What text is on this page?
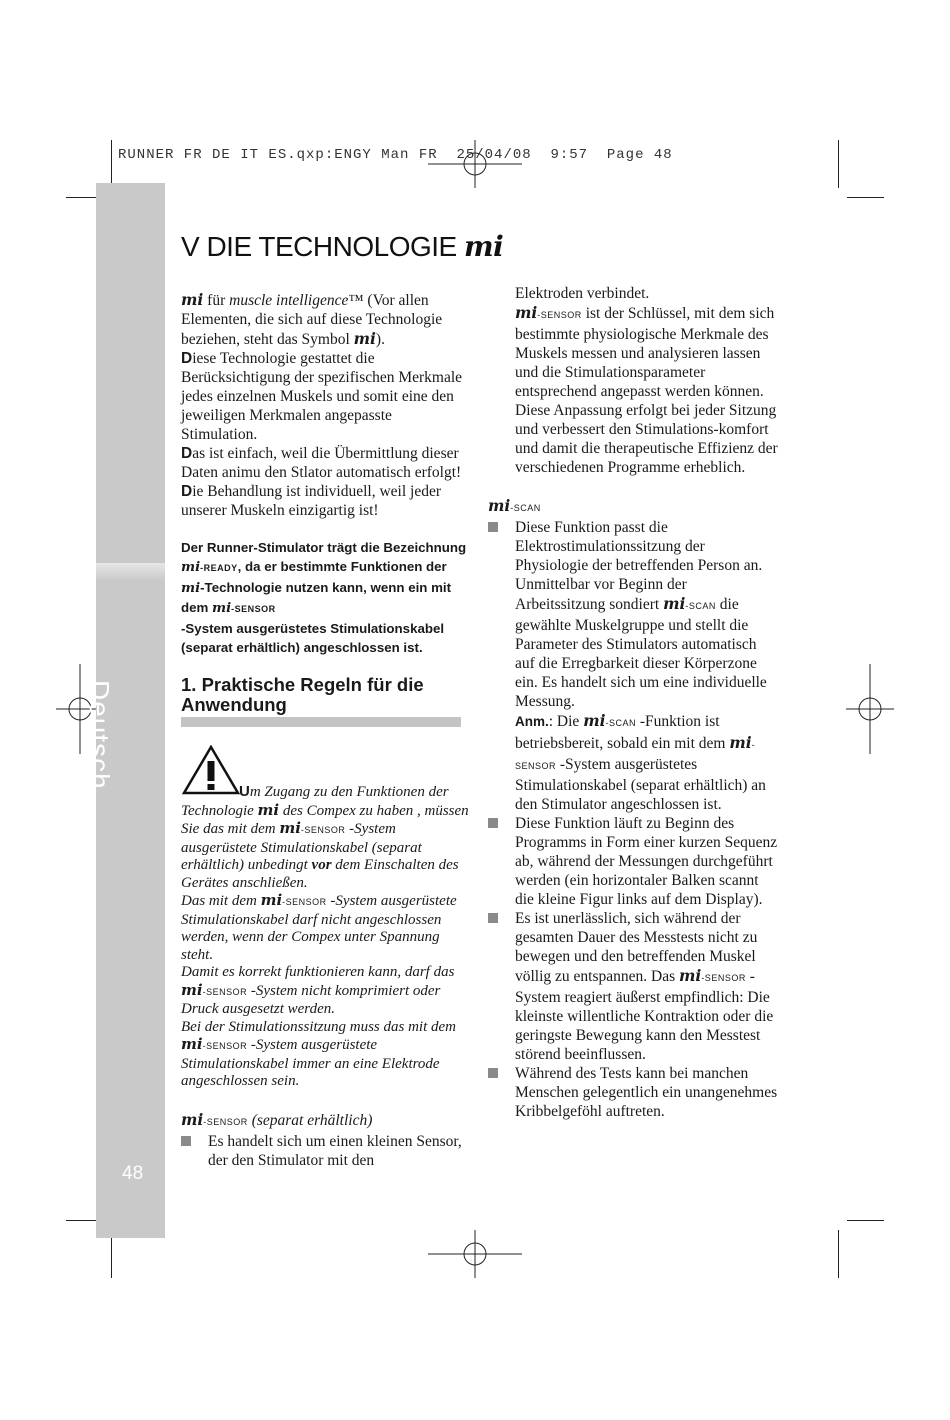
RUNNER FR DE IT ES.qxp:ENGY Man FR  25/04/08  9:57  Page 48
Deutsch
48
V DIE TECHNOLOGIE mi

mi für muscle intelligence™ (Vor allen Elementen, die sich auf diese Technologie beziehen, steht das Symbol mi).

Diese Technologie gestattet die Berücksichtigung der spezifischen Merkmale jedes einzelnen Muskels und somit eine den jeweiligen Merkmalen angepasste Stimulation.

Das ist einfach, weil die Übermittlung dieser Daten animu den Stlator automatisch erfolgt!

Die Behandlung ist individuell, weil jeder unserer Muskeln einzigartig ist!

Der Runner-Stimulator trägt die Bezeichnung mi-READY, da er bestimmte Funktionen der mi-Technologie nutzen kann, wenn ein mit dem mi-SENSOR
-System ausgerüstetes Stimulationskabel (separat erhältlich) angeschlossen ist.
1. Praktische Regeln für die Anwendung

Um Zugang zu den Funktionen der Technologie mi des Compex zu haben , müssen Sie das mit dem mi-SENSOR -System ausgerüstete Stimulationskabel (separat erhältlich) unbedingt vor dem Einschalten des Gerätes anschließen.

Das mit dem mi-SENSOR -System ausgerüstete Stimulationskabel darf nicht angeschlossen werden, wenn der Compex unter Spannung steht.

Damit es korrekt funktionieren kann, darf das mi-SENSOR -System nicht komprimiert oder Druck ausgesetzt werden.

Bei der Stimulationssitzung muss das mit dem mi-SENSOR -System ausgerüstete Stimulationskabel immer an eine Elektrode angeschlossen sein.

mi-SENSOR (separat erhältlich)

Es handelt sich um einen kleinen Sensor, der den Stimulator mit den

Elektroden verbindet.

mi-SENSOR ist der Schlüssel, mit dem sich bestimmte physiologische Merkmale des Muskels messen und analysieren lassen und die Stimulationsparameter entsprechend angepasst werden können. Diese Anpassung erfolgt bei jeder Sitzung und verbessert den Stimulations-komfort und damit die therapeutische Effizienz der verschiedenen Programme erheblich.

mi-SCAN

Diese Funktion passt die Elektrostimulationssitzung der Physiologie der betreffenden Person an. Unmittelbar vor Beginn der Arbeitssitzung sondiert mi-SCAN die gewählte Muskelgruppe und stellt die Parameter des Stimulators automatisch auf die Erregbarkeit dieser Körperzone ein. Es handelt sich um eine individuelle Messung.
Anm.: Die mi-SCAN -Funktion ist betriebsbereit, sobald ein mit dem mi-SENSOR -System ausgerüstetes Stimulationskabel (separat erhältlich) an den Stimulator angeschlossen ist.
Diese Funktion läuft zu Beginn des Programms in Form einer kurzen Sequenz ab, während der Messungen durchgeführt werden (ein horizontaler Balken scannt die kleine Figur links auf dem Display).
Es ist unerlässlich, sich während der gesamten Dauer des Messtests nicht zu bewegen und den betreffenden Muskel völlig zu entspannen. Das mi-SENSOR -System reagiert äußerst empfindlich: Die kleinste willentliche Kontraktion oder die geringste Bewegung kann den Messtest störend beeinflussen.
Während des Tests kann bei manchen Menschen gelegentlich ein unangenehmes Kribbelgeföhl auftreten.
